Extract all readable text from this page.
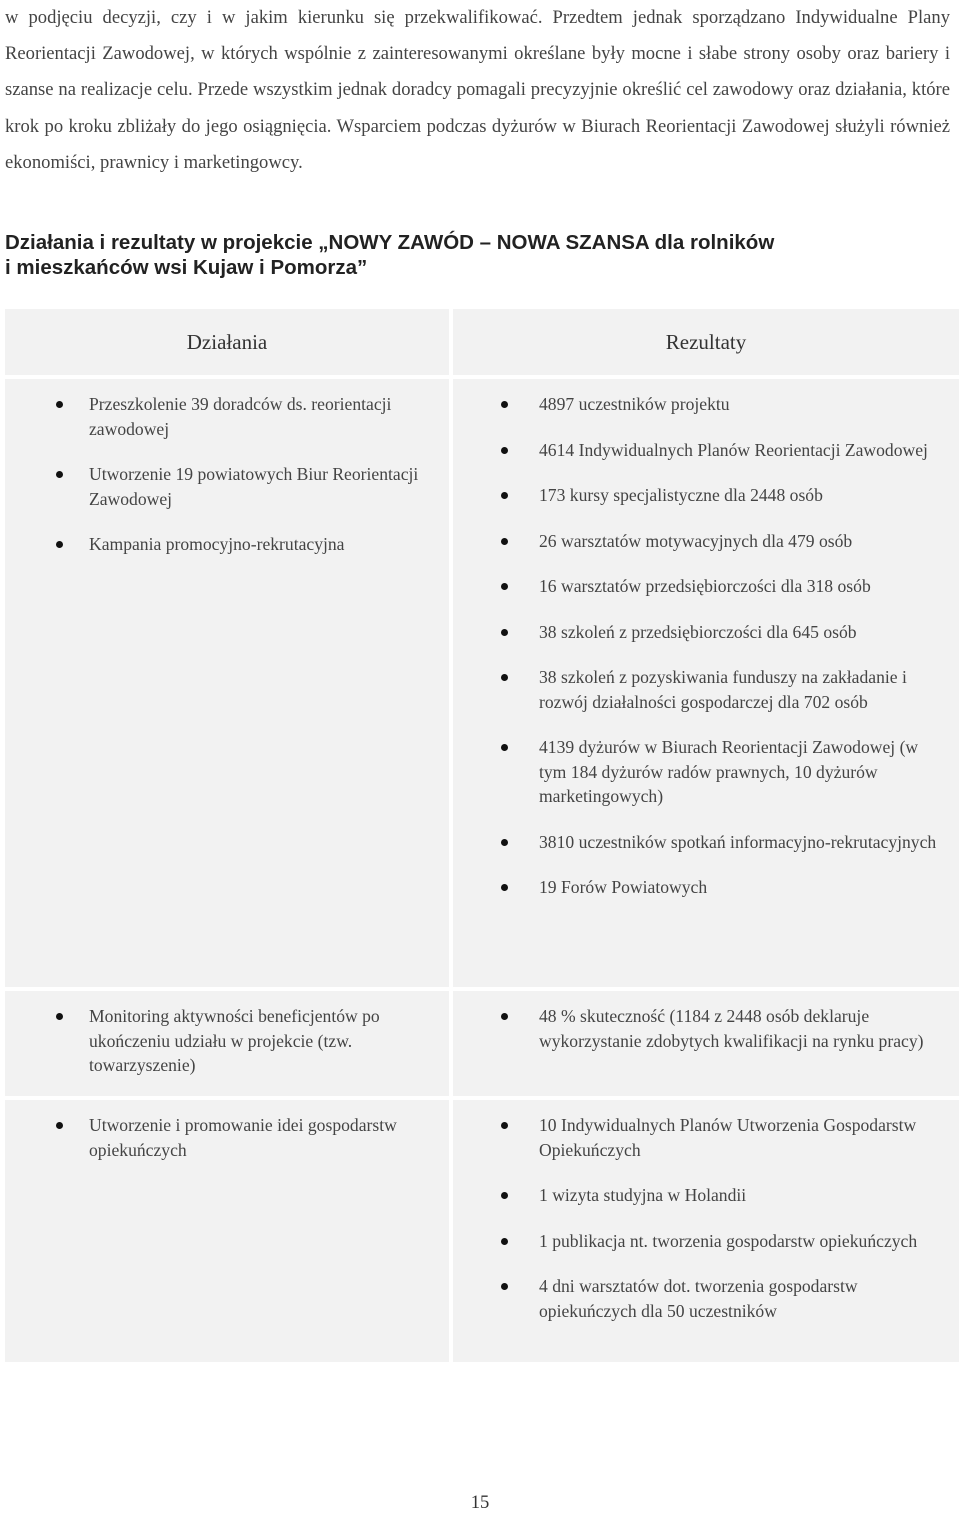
w podjęciu decyzji, czy i w jakim kierunku się przekwalifikować. Przedtem jednak sporządzano Indywidualne Plany Reorientacji Zawodowej, w których wspólnie z zainteresowanymi określane były mocne i słabe strony osoby oraz bariery i szanse na realizacje celu. Przede wszystkim jednak doradcy pomagali precyzyjnie określić cel zawodowy oraz działania, które krok po kroku zbliżały do jego osiągnięcia. Wsparciem podczas dyżurów w Biurach Reorientacji Zawodowej służyli również ekonomiści, prawnicy i marketingowcy.

Działania i rezultaty w projekcie „NOWY ZAWÓD – NOWA SZANSA dla rolników
i mieszkańców wsi Kujaw i Pomorza”
Działania	Rezultaty
Przeszkolenie 39 doradców ds. reorientacji zawodowej
Utworzenie 19 powiatowych Biur Reorientacji Zawodowej
Kampania promocyjno-rekrutacyjna
4897 uczestników projektu
4614 Indywidualnych Planów Reorientacji Zawodowej
173 kursy specjalistyczne dla 2448 osób
26 warsztatów motywacyjnych dla 479 osób
16 warsztatów przedsiębiorczości dla 318 osób
38 szkoleń z przedsiębiorczości dla 645 osób
38 szkoleń z pozyskiwania funduszy na zakładanie i rozwój działalności gospodarczej dla 702 osób
4139 dyżurów w Biurach Reorientacji Zawodowej (w tym 184 dyżurów radów prawnych, 10 dyżurów marketingowych)
3810 uczestników spotkań informacyjno-rekrutacyjnych
19 Forów Powiatowych
Monitoring aktywności beneficjentów po ukończeniu udziału w projekcie (tzw. towarzyszenie)
48 % skuteczność (1184 z 2448 osób deklaruje wykorzystanie zdobytych kwalifikacji na rynku pracy)
Utworzenie i promowanie idei gospodarstw opiekuńczych
10 Indywidualnych Planów Utworzenia Gospodarstw Opiekuńczych
1 wizyta studyjna w Holandii
1 publikacja nt. tworzenia gospodarstw opiekuńczych
4 dni warsztatów dot. tworzenia gospodarstw opiekuńczych dla 50 uczestników
15
